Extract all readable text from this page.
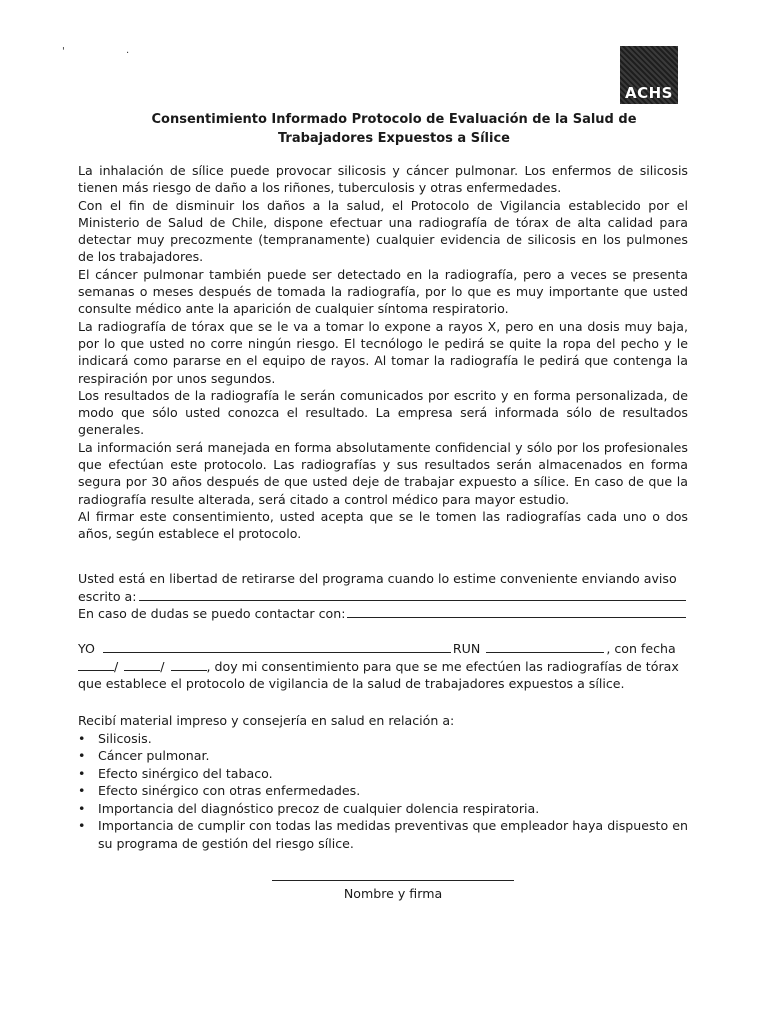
'	·
ACHS
Consentimiento Informado Protocolo de Evaluación de la Salud de
Trabajadores Expuestos a Sílice

La inhalación de sílice puede provocar silicosis y cáncer pulmonar. Los enfermos de silicosis tienen más riesgo de daño a los riñones, tuberculosis y otras enfermedades.

Con el fin de disminuir los daños a la salud, el Protocolo de Vigilancia establecido por el Ministerio de Salud de Chile, dispone efectuar una radiografía de tórax de alta calidad para detectar muy precozmente (tempranamente) cualquier evidencia de silicosis en los pulmones de los trabajadores.

El cáncer pulmonar también puede ser detectado en la radiografía, pero a veces se presenta semanas o meses después de tomada la radiografía, por lo que es muy importante que usted consulte médico ante la aparición de cualquier síntoma respiratorio.

La radiografía de tórax que se le va a tomar lo expone a rayos X, pero en una dosis muy baja, por lo que usted no corre ningún riesgo. El tecnólogo le pedirá se quite la ropa del pecho y le indicará como pararse en el equipo de rayos. Al tomar la radiografía le pedirá que contenga la respiración por unos segundos.

Los resultados de la radiografía le serán comunicados por escrito y en forma personalizada, de modo que sólo usted conozca el resultado. La empresa será informada sólo de resultados generales.

La información será manejada en forma absolutamente confidencial y sólo por los profesionales que efectúan este protocolo. Las radiografías y sus resultados serán almacenados en forma segura por 30 años después de que usted deje de trabajar expuesto a sílice. En caso de que la radiografía resulte alterada, será citado a control médico para mayor estudio.

Al firmar este consentimiento, usted acepta que se le tomen las radiografías cada uno o dos años, según establece el protocolo.

Usted está en libertad de retirarse del programa cuando lo estime conveniente enviando aviso
escrito a:
En caso de dudas se puedo contactar con:
YO	RUN	, con fecha
/	/	, doy mi consentimiento para que se me efectúen las radiografías de tórax
que establece el protocolo de vigilancia de la salud de trabajadores expuestos a sílice.
Recibí material impreso y consejería en salud en relación a:
• Silicosis.
• Cáncer pulmonar.
• Efecto sinérgico del tabaco.
• Efecto sinérgico con otras enfermedades.
• Importancia del diagnóstico precoz de cualquier dolencia respiratoria.
• Importancia de cumplir con todas las medidas preventivas que empleador haya dispuesto en su programa de gestión del riesgo sílice.
Nombre y firma
